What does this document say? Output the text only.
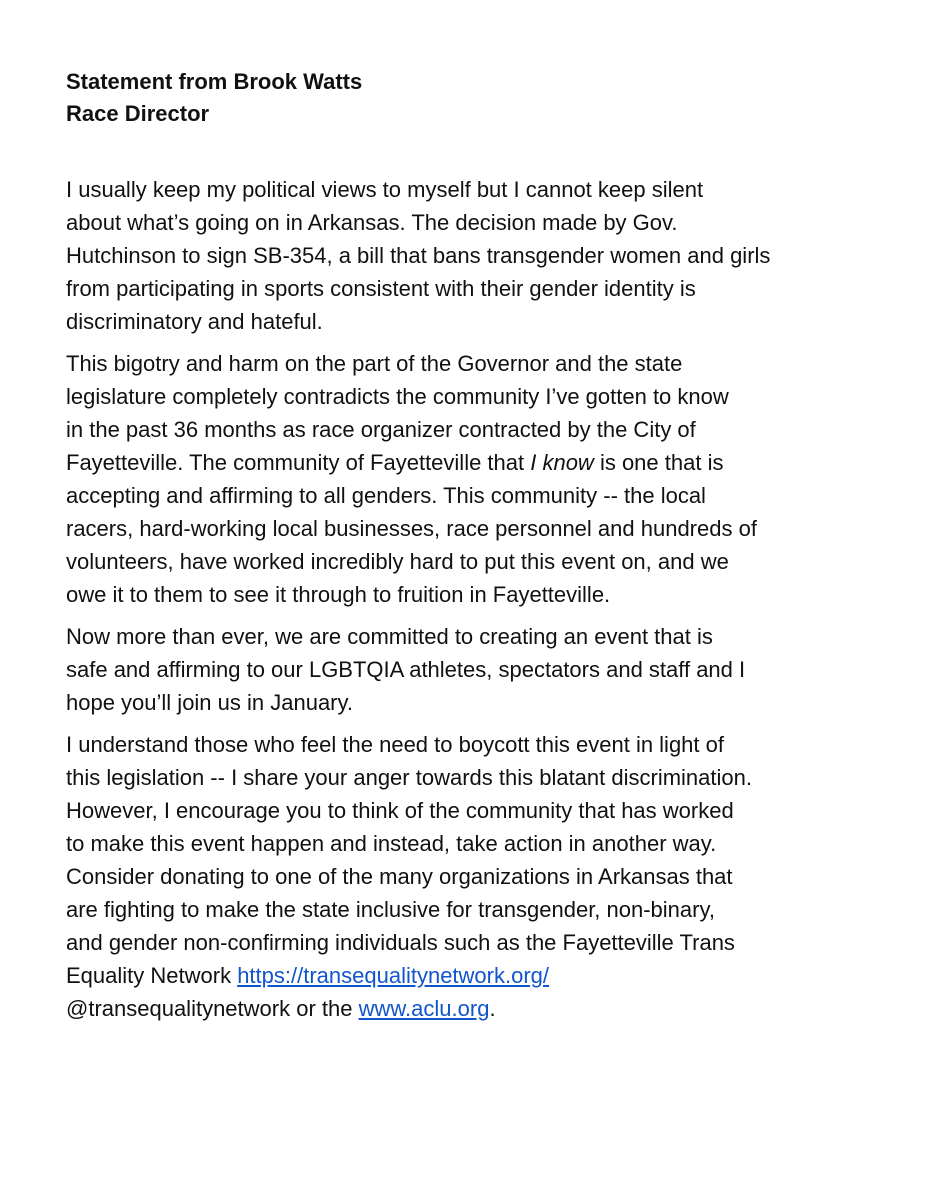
Statement from Brook Watts

Race Director

I usually keep my political views to myself but I cannot keep silent
about what’s going on in Arkansas. The decision made by Gov.
Hutchinson to sign SB-354, a bill that bans transgender women and girls
from participating in sports consistent with their gender identity is
discriminatory and hateful.

This bigotry and harm on the part of the Governor and the state
legislature completely contradicts the community I’ve gotten to know
in the past 36 months as race organizer contracted by the City of
Fayetteville. The community of Fayetteville that I know is one that is
accepting and affirming to all genders. This community -- the local
racers, hard-working local businesses, race personnel and hundreds of
volunteers, have worked incredibly hard to put this event on, and we
owe it to them to see it through to fruition in Fayetteville.

Now more than ever, we are committed to creating an event that is
safe and affirming to our LGBTQIA athletes, spectators and staff and I
hope you’ll join us in January.

I understand those who feel the need to boycott this event in light of
this legislation -- I share your anger towards this blatant discrimination.
However, I encourage you to think of the community that has worked
to make this event happen and instead, take action in another way.
Consider donating to one of the many organizations in Arkansas that
are fighting to make the state inclusive for transgender, non-binary,
and gender non-confirming individuals such as the Fayetteville Trans
Equality Network https://transequalitynetwork.org/
@transequalitynetwork or the www.aclu.org.
